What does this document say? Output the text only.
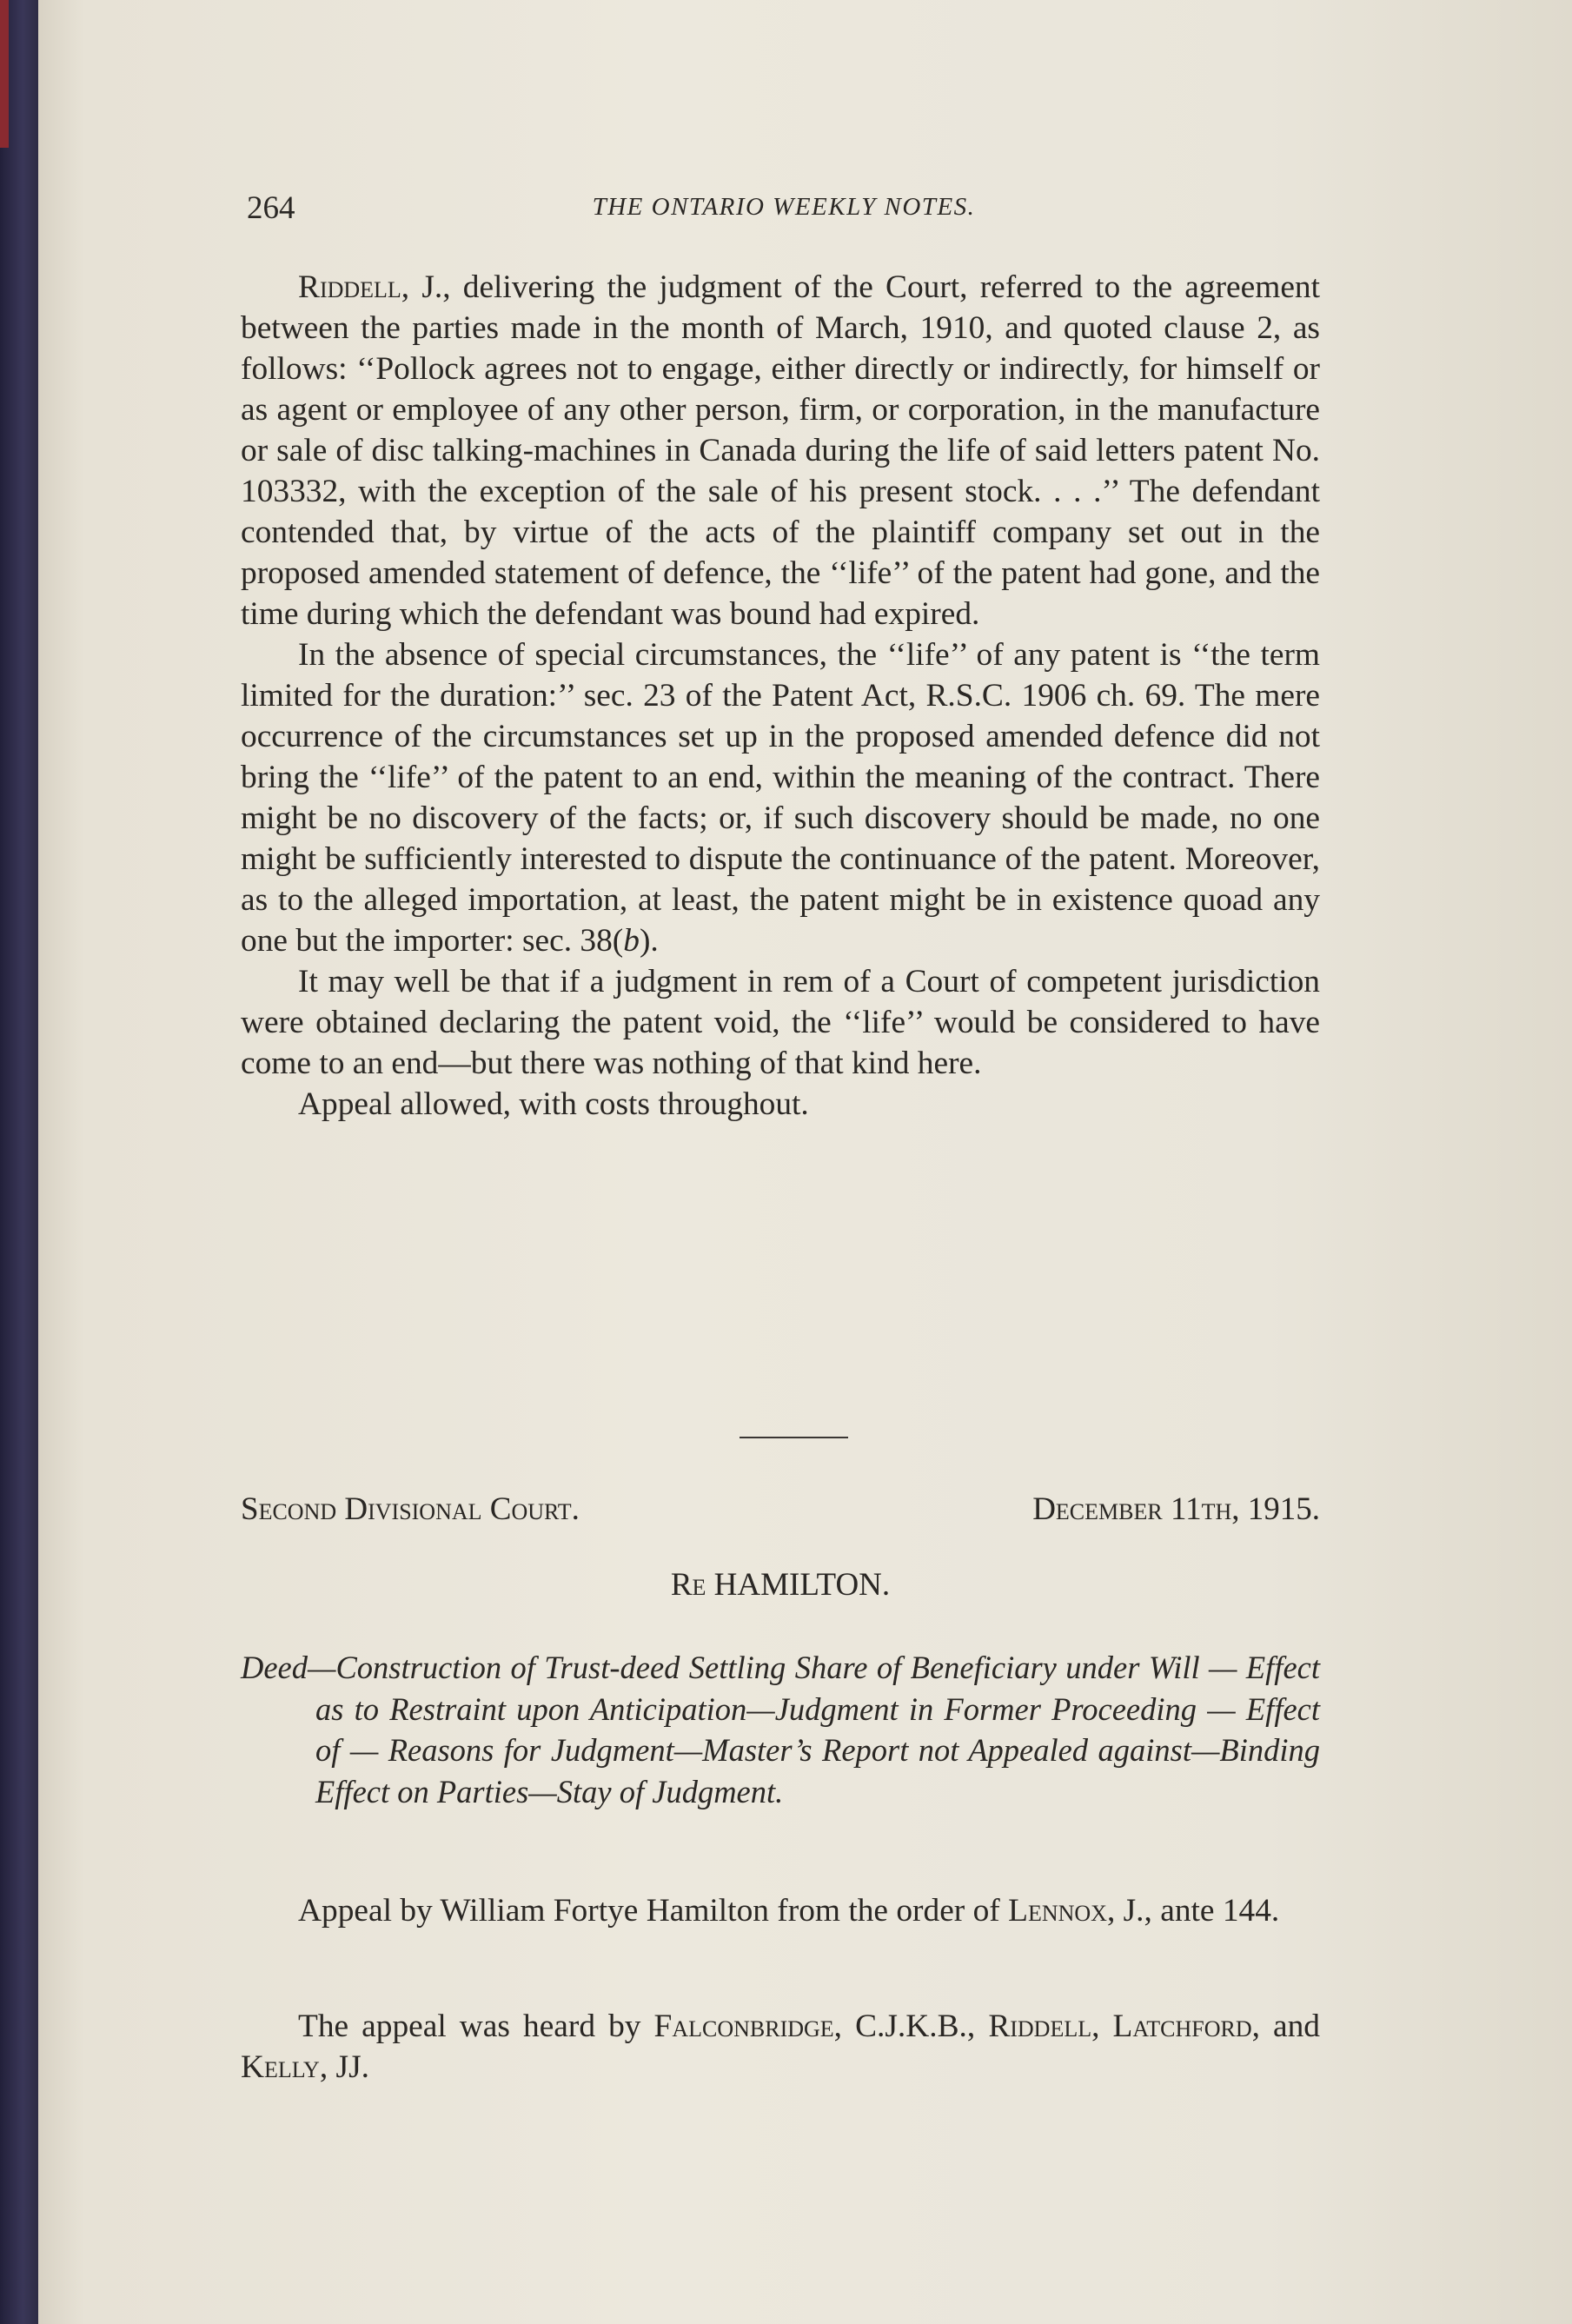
264	THE ONTARIO WEEKLY NOTES.

Riddell, J., delivering the judgment of the Court, referred to the agreement between the parties made in the month of March, 1910, and quoted clause 2, as follows: ‘‘Pollock agrees not to engage, either directly or indirectly, for himself or as agent or employee of any other person, firm, or corporation, in the manufacture or sale of disc talking-machines in Canada during the life of said letters patent No. 103332, with the exception of the sale of his present stock. . . .’’ The defendant contended that, by virtue of the acts of the plaintiff company set out in the proposed amended statement of defence, the ‘‘life’’ of the patent had gone, and the time during which the defendant was bound had expired.

In the absence of special circumstances, the ‘‘life’’ of any patent is ‘‘the term limited for the duration:’’ sec. 23 of the Patent Act, R.S.C. 1906 ch. 69. The mere occurrence of the circumstances set up in the proposed amended defence did not bring the ‘‘life’’ of the patent to an end, within the meaning of the contract. There might be no discovery of the facts; or, if such discovery should be made, no one might be sufficiently interested to dispute the continuance of the patent. Moreover, as to the alleged importation, at least, the patent might be in existence quoad any one but the importer: sec. 38(b).

It may well be that if a judgment in rem of a Court of competent jurisdiction were obtained declaring the patent void, the ‘‘life’’ would be considered to have come to an end—but there was nothing of that kind here.

Appeal allowed, with costs throughout.

Second Divisional Court.	December 11th, 1915.
Re HAMILTON.
Deed—Construction of Trust-deed Settling Share of Beneficiary under Will — Effect as to Restraint upon Anticipation—Judgment in Former Proceeding — Effect of — Reasons for Judgment—Master’s Report not Appealed against—Binding Effect on Parties—Stay of Judgment.

Appeal by William Fortye Hamilton from the order of Lennox, J., ante 144.

The appeal was heard by Falconbridge, C.J.K.B., Riddell, Latchford, and Kelly, JJ.
